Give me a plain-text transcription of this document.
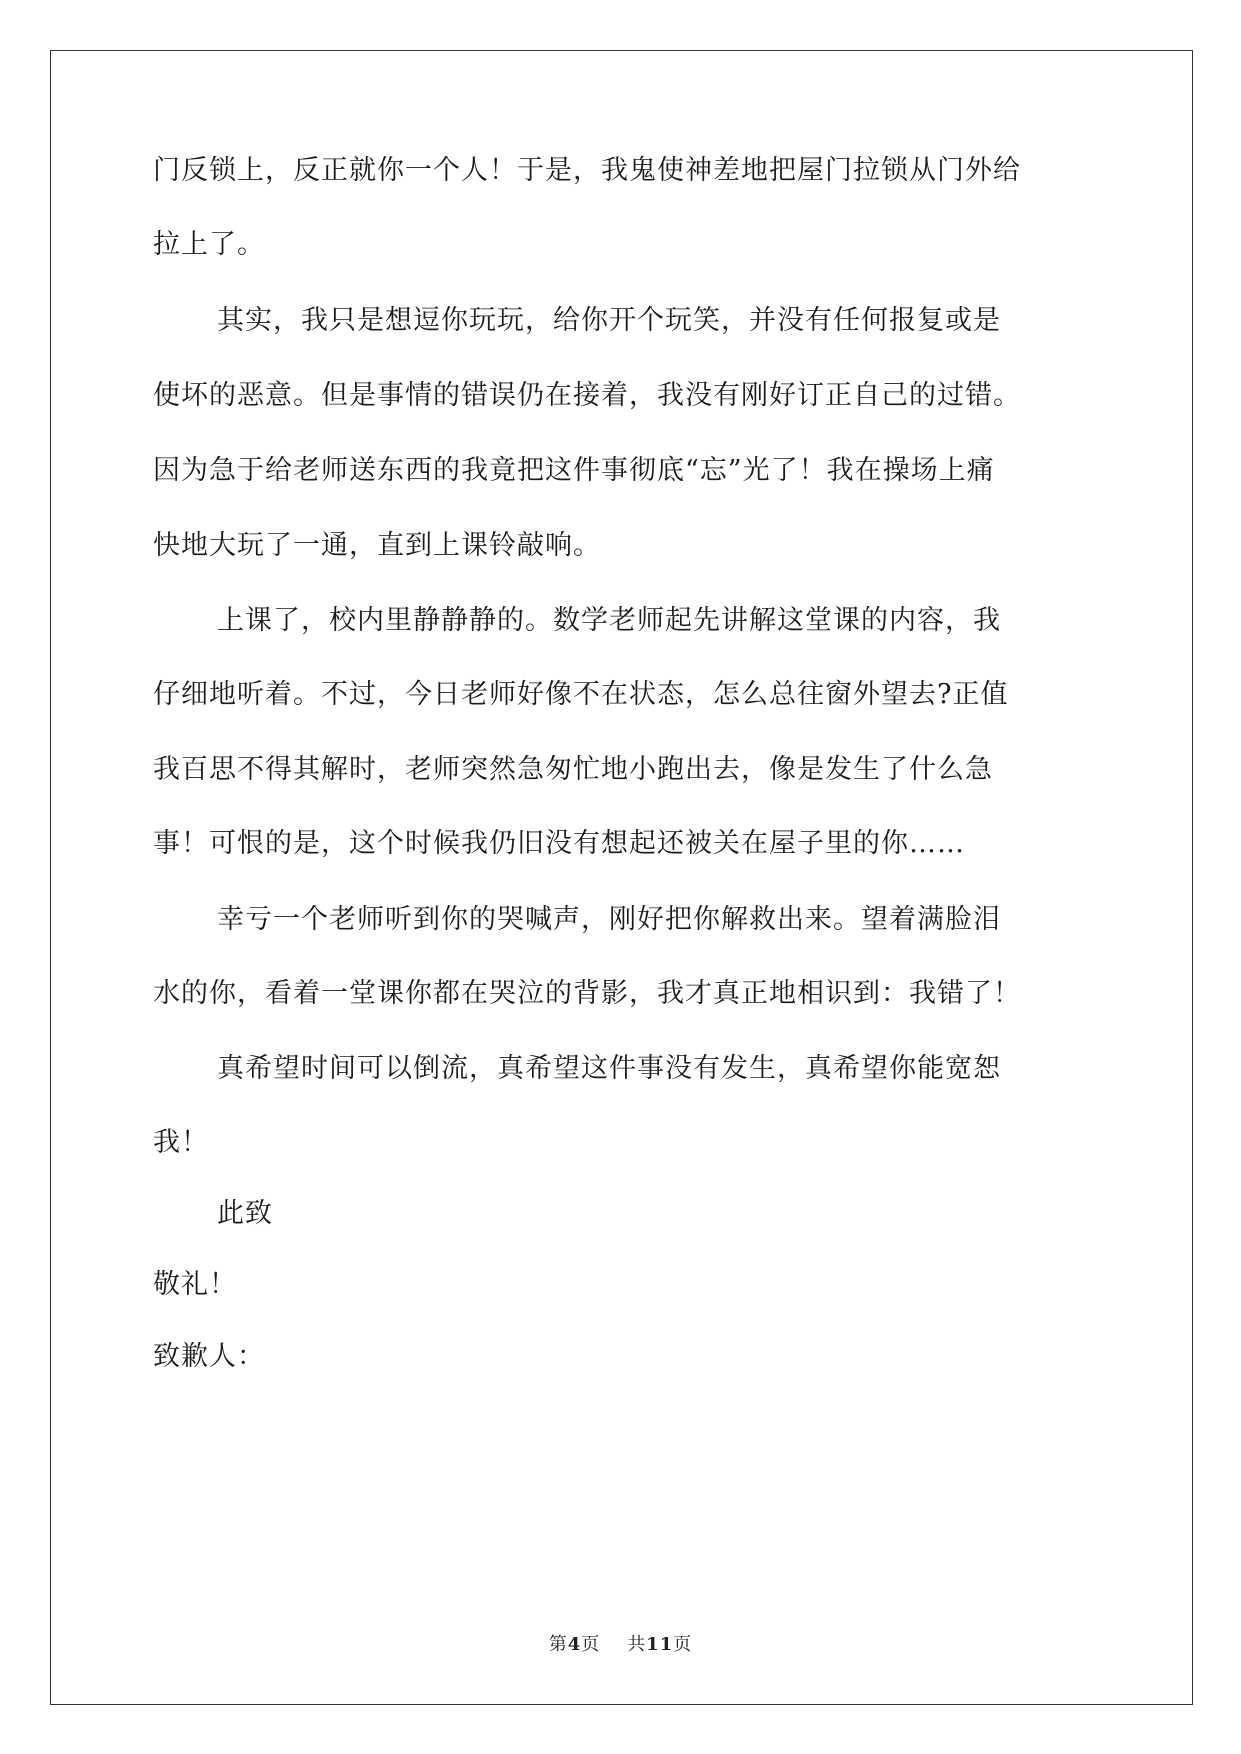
门反锁上，反正就你一个人！于是，我鬼使神差地把屋门拉锁从门外给
拉上了。
其实，我只是想逗你玩玩，给你开个玩笑，并没有任何报复或是
使坏的恶意。但是事情的错误仍在接着，我没有刚好订正自己的过错。
因为急于给老师送东西的我竟把这件事彻底“忘”光了！我在操场上痛
快地大玩了一通，直到上课铃敲响。
上课了，校内里静静静的。数学老师起先讲解这堂课的内容，我
仔细地听着。不过，今日老师好像不在状态，怎么总往窗外望去?正值
我百思不得其解时，老师突然急匆忙地小跑出去，像是发生了什么急
事！可恨的是，这个时候我仍旧没有想起还被关在屋子里的你……
幸亏一个老师听到你的哭喊声，刚好把你解救出来。望着满脸泪
水的你，看着一堂课你都在哭泣的背影，我才真正地相识到：我错了！
真希望时间可以倒流，真希望这件事没有发生，真希望你能宽恕
我！
此致
敬礼！
致歉人：
第4页 共11页
